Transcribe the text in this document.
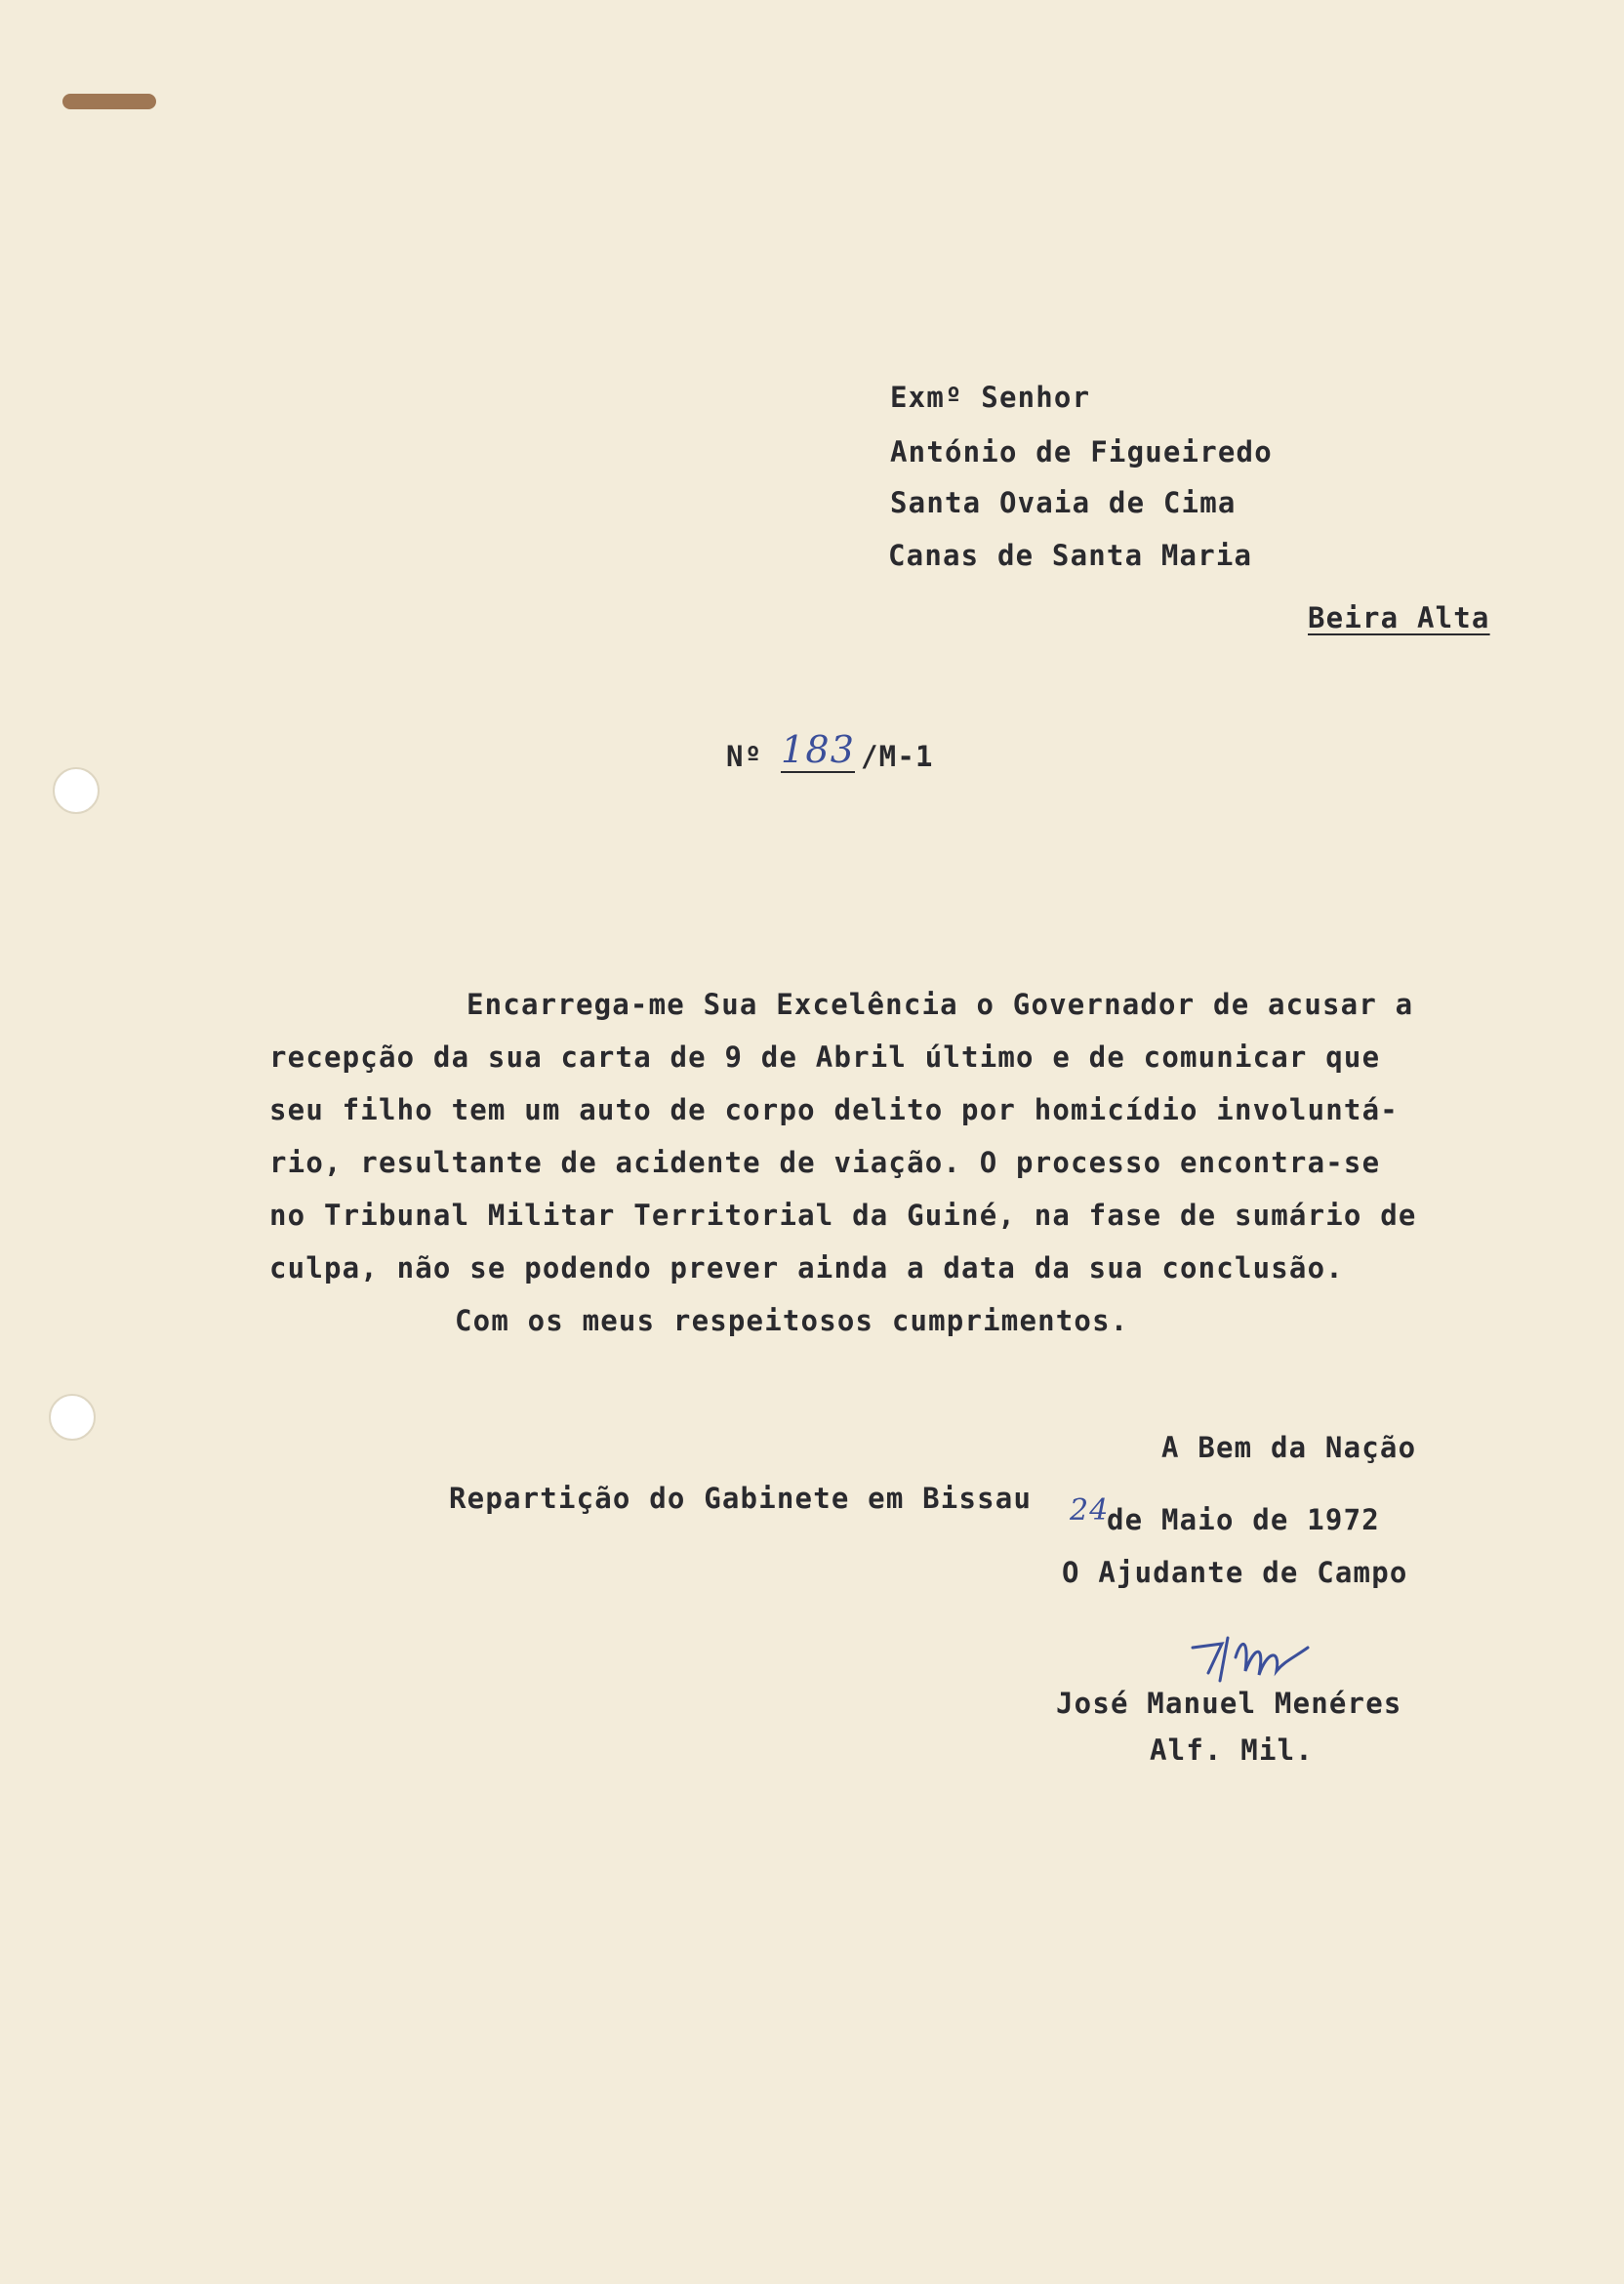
Exmº Senhor
António de Figueiredo
Santa Ovaia de Cima
Canas de Santa Maria
Beira Alta
Nº 183 /M-1
Encarrega-me Sua Excelência o Governador de acusar a
recepção da sua carta de 9 de Abril último e de comunicar que
seu filho tem um auto de corpo delito por homicídio involuntá-
rio, resultante de acidente de viação. O processo encontra-se
no Tribunal Militar Territorial da Guiné, na fase de sumário de
culpa, não se podendo prever ainda a data da sua conclusão.
Com os meus respeitosos cumprimentos.
A Bem da Nação
Repartição do Gabinete em Bissau 24
de Maio de 1972
O Ajudante de Campo
José Manuel Menéres
Alf. Mil.
